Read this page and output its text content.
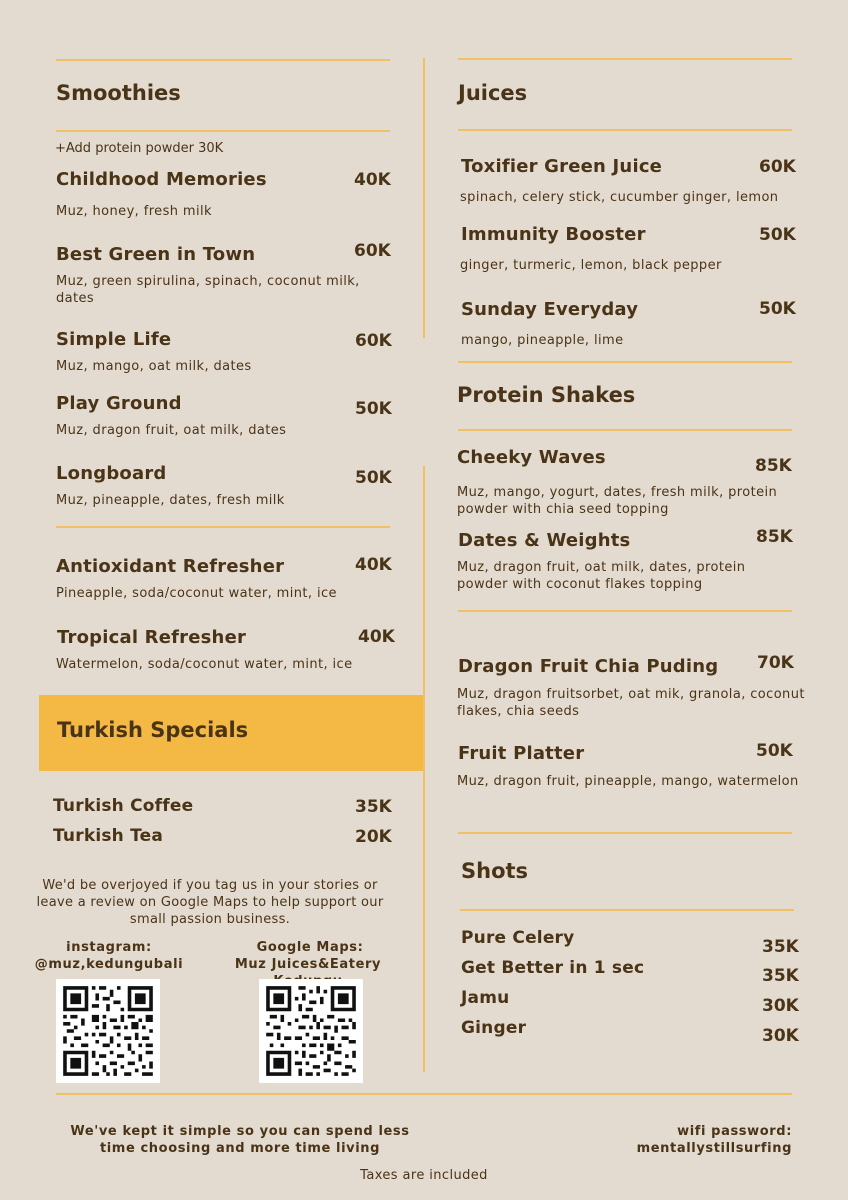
Smoothies
+Add protein powder 30K
Childhood Memories	40K
Muz, honey, fresh milk
Best Green in Town	60K
Muz, green spirulina, spinach, coconut milk, dates
Simple Life	60K
Muz, mango, oat milk, dates
Play Ground	50K
Muz, dragon fruit, oat milk, dates
Longboard	50K
Muz, pineapple, dates, fresh milk
Antioxidant Refresher	40K
Pineapple, soda/coconut water, mint, ice
Tropical Refresher	40K
Watermelon, soda/coconut water, mint, ice
Turkish Specials
Turkish Coffee	35K
Turkish Tea	20K
We'd be overjoyed if you tag us in your stories or leave a review on Google Maps to help support our small passion business.
instagram:
@muz,kedungubali
Google Maps:
Muz Juices&Eatery
Juices
Toxifier Green Juice	60K
spinach, celery stick, cucumber ginger, lemon
Immunity Booster	50K
ginger, turmeric, lemon, black pepper
Sunday Everyday	50K
mango, pineapple, lime
Protein Shakes
Cheeky Waves	85K
Muz, mango, yogurt, dates, fresh milk, protein powder with chia seed topping
Dates & Weights	85K
Muz, dragon fruit, oat milk, dates, protein powder with coconut flakes topping
Dragon Fruit Chia Puding 70K
Muz, dragon fruitsorbet, oat mik, granola, coconut flakes, chia seeds
Fruit Platter	50K
Muz, dragon fruit, pineapple, mango, watermelon
Shots
Pure Celery	35K
Get Better in 1 sec	35K
Jamu	30K
Ginger	30K
We've kept it simple so you can spend less time choosing and more time living
wifi password:
mentallystillsurfing
Taxes are included
